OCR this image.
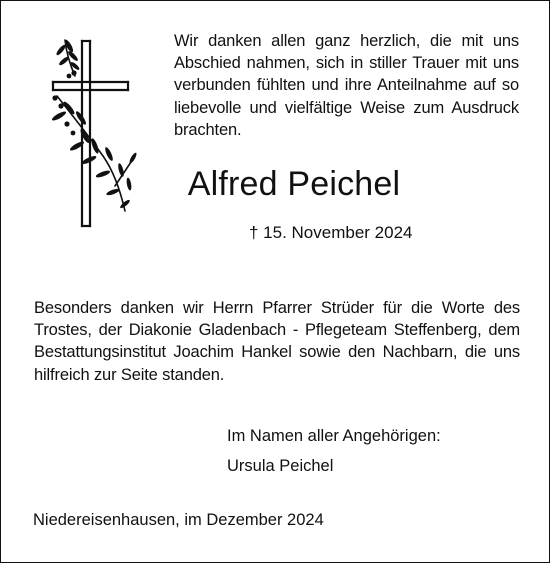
Wir danken allen ganz herzlich, die mit uns Abschied nahmen, sich in stiller Trauer mit uns verbunden fühlten und ihre Anteilnahme auf so liebevolle und vielfältige Weise zum Ausdruck brachten.

Alfred Peichel

† 15. November 2024

Besonders danken wir Herrn Pfarrer Strüder für die Worte des Trostes, der Diakonie Gladenbach - Pflegeteam Steffenberg, dem Bestattungsinstitut Joachim Hankel sowie den Nachbarn, die uns hilfreich zur Seite standen.

Im Namen aller Angehörigen:

Ursula Peichel

Niedereisenhausen, im Dezember 2024
